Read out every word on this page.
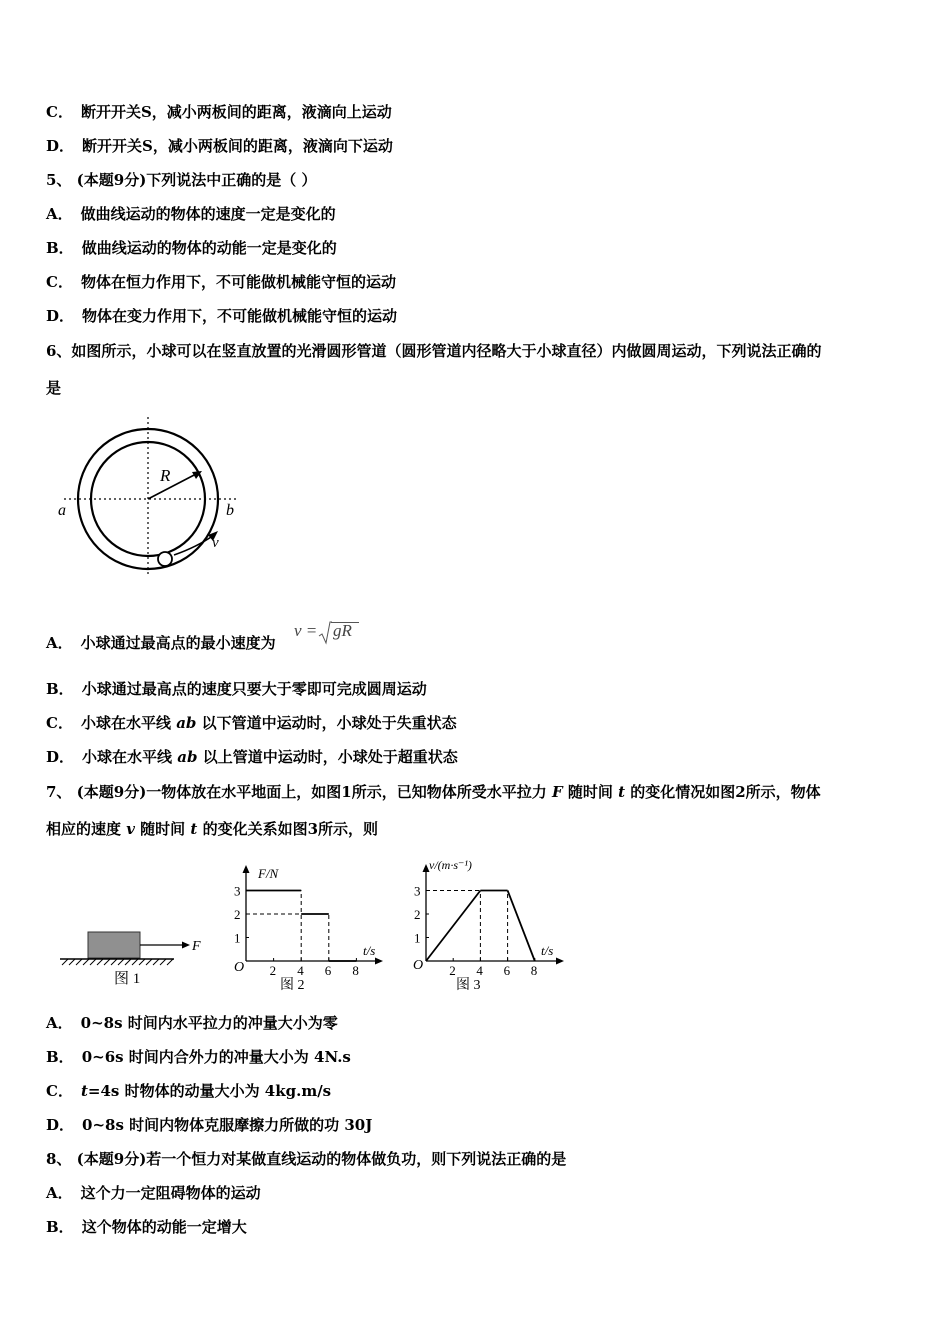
C． 断开开关S，减小两板间的距离，液滴向上运动
D． 断开开关S，减小两板间的距离，液滴向下运动
5、 (本题9分)下列说法中正确的是（ ）
A． 做曲线运动的物体的速度一定是变化的
B． 做曲线运动的物体的动能一定是变化的
C． 物体在恒力作用下，不可能做机械能守恒的运动
D． 物体在变力作用下，不可能做机械能守恒的运动
6、如图所示，小球可以在竖直放置的光滑圆形管道（圆形管道内径略大于小球直径）内做圆周运动，下列说法正确的
是
R
a	b
v
A． 小球通过最高点的最小速度为
v = gR
B． 小球通过最高点的速度只要大于零即可完成圆周运动
C． 小球在水平线 ab 以下管道中运动时，小球处于失重状态
D． 小球在水平线 ab 以上管道中运动时，小球处于超重状态
7、 (本题9分)一物体放在水平地面上，如图1所示，已知物体所受水平拉力 F 随时间 t 的变化情况如图2所示，物体
相应的速度 v 随时间 t 的变化关系如图3所示，则
F
图 1
F/N
t/s
O 2 4 6 8
1
2
3
图 2
v/(m·s⁻¹)
t/s
O 2 4 6 8
1
2
3
图 3
A． 0~8s 时间内水平拉力的冲量大小为零
B． 0~6s 时间内合外力的冲量大小为 4N.s
C． t=4s 时物体的动量大小为 4kg.m/s
D． 0~8s 时间内物体克服摩擦力所做的功 30J
8、 (本题9分)若一个恒力对某做直线运动的物体做负功，则下列说法正确的是
A． 这个力一定阻碍物体的运动
B． 这个物体的动能一定增大
